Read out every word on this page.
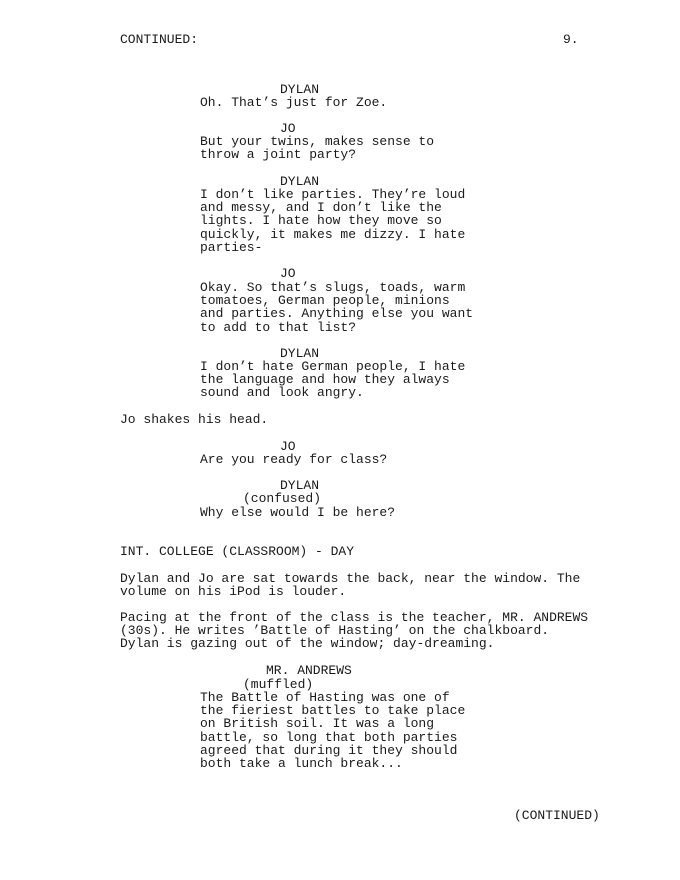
CONTINUED:	9.
DYLAN
Oh. That’s just for Zoe.
JO
But your twins, makes sense to
throw a joint party?
DYLAN
I don’t like parties. They’re loud
and messy, and I don’t like the
lights. I hate how they move so
quickly, it makes me dizzy. I hate
parties-
JO
Okay. So that’s slugs, toads, warm
tomatoes, German people, minions
and parties. Anything else you want
to add to that list?
DYLAN
I don’t hate German people, I hate
the language and how they always
sound and look angry.
Jo shakes his head.
JO
Are you ready for class?
DYLAN
(confused)
Why else would I be here?
INT. COLLEGE (CLASSROOM) - DAY
Dylan and Jo are sat towards the back, near the window. The
volume on his iPod is louder.
Pacing at the front of the class is the teacher, MR. ANDREWS
(30s). He writes ’Battle of Hasting’ on the chalkboard.
Dylan is gazing out of the window; day-dreaming.
MR. ANDREWS
(muffled)
The Battle of Hasting was one of
the fieriest battles to take place
on British soil. It was a long
battle, so long that both parties
agreed that during it they should
both take a lunch break...
(CONTINUED)
